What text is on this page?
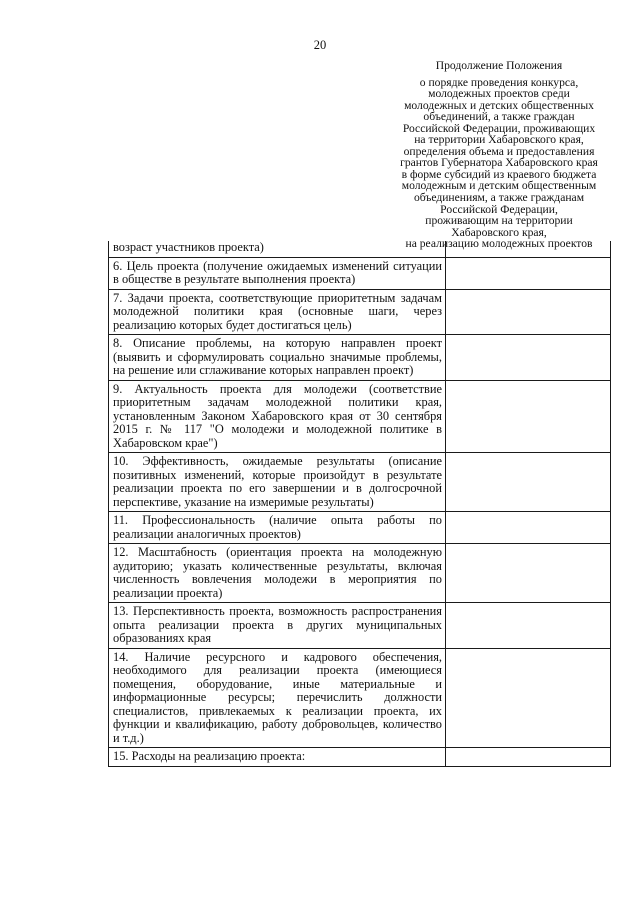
20
Продолжение Положения
о порядке проведения конкурса,
молодежных проектов среди
молодежных и детских общественных
объединений, а также граждан
Российской Федерации, проживающих
на территории Хабаровского края,
определения объема и предоставления
грантов Губернатора Хабаровского края
в форме субсидий из краевого бюджета
молодежным и детским общественным
объединениям, а также гражданам
Российской Федерации,
проживающим на территории
Хабаровского края,
на реализацию молодежных проектов
возраст участников проекта)	
6. Цель проекта (получение ожидаемых изменений ситуации в обществе в результате выполнения проекта)	
7. Задачи проекта, соответствующие приоритетным задачам молодежной политики края (основные шаги, через реализацию которых будет достигаться цель)	
8. Описание проблемы, на которую направлен проект (выявить и сформулировать социально значимые проблемы, на решение или сглаживание которых направлен проект)	
9. Актуальность проекта для молодежи (соответствие приоритетным задачам молодежной политики края, установленным Законом Хабаровского края от 30 сентября 2015 г. № 117 "О молодежи и молодежной политике в Хабаровском крае")	
10. Эффективность, ожидаемые результаты (описание позитивных изменений, которые произойдут в результате реализации проекта по его завершении и в долгосрочной перспективе, указание на измеримые результаты)	
11. Профессиональность (наличие опыта работы по реализации аналогичных проектов)	
12. Масштабность (ориентация проекта на молодежную аудиторию; указать количественные результаты, включая численность вовлечения молодежи в мероприятия по реализации проекта)	
13. Перспективность проекта, возможность распространения опыта реализации проекта в других муниципальных образованиях края	
14. Наличие ресурсного и кадрового обеспечения, необходимого для реализации проекта (имеющиеся помещения, оборудование, иные материальные и информационные ресурсы; перечислить должности специалистов, привлекаемых к реализации проекта, их функции и квалификацию, работу добровольцев, количество и т.д.)	
15. Расходы на реализацию проекта:	
